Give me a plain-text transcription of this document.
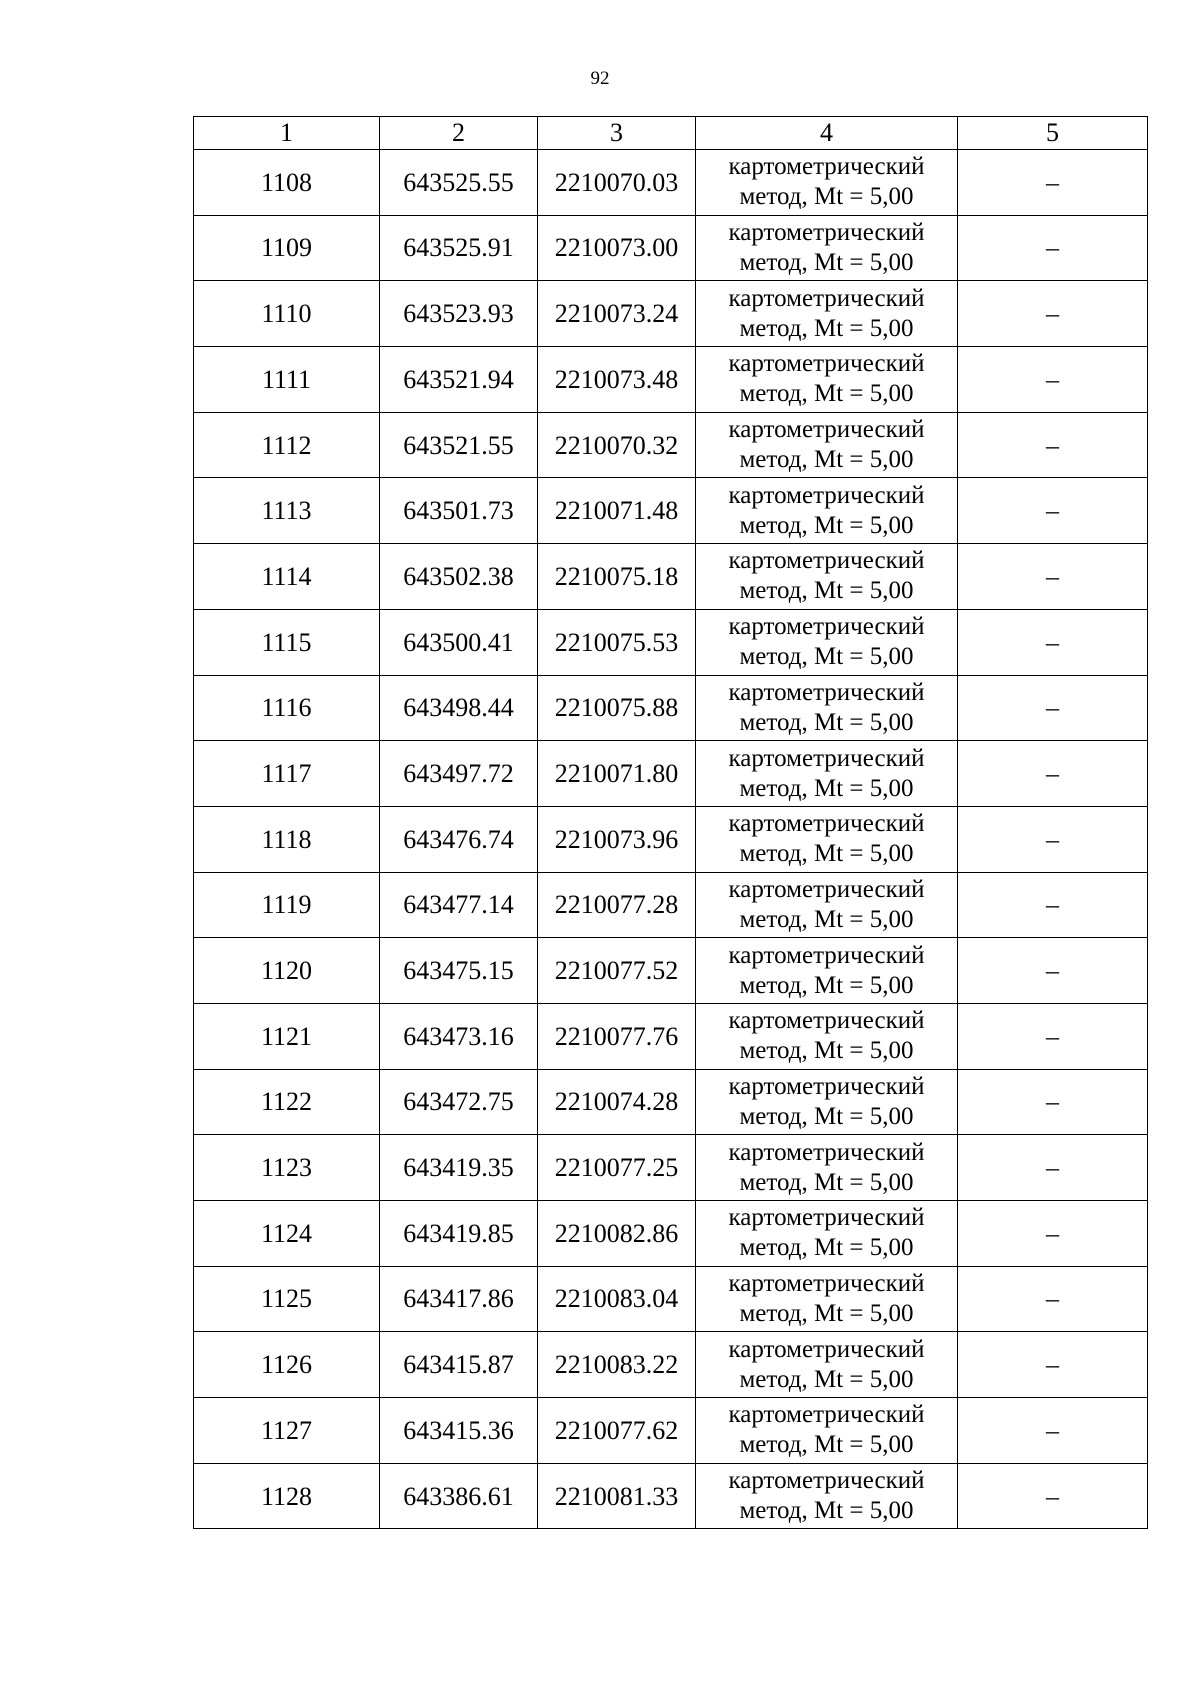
92
1	2	3	4	5
1108	643525.55	2210070.03	картометрический
метод, Mt = 5,00	–
1109	643525.91	2210073.00	картометрический
метод, Mt = 5,00	–
1110	643523.93	2210073.24	картометрический
метод, Mt = 5,00	–
1111	643521.94	2210073.48	картометрический
метод, Mt = 5,00	–
1112	643521.55	2210070.32	картометрический
метод, Mt = 5,00	–
1113	643501.73	2210071.48	картометрический
метод, Mt = 5,00	–
1114	643502.38	2210075.18	картометрический
метод, Mt = 5,00	–
1115	643500.41	2210075.53	картометрический
метод, Mt = 5,00	–
1116	643498.44	2210075.88	картометрический
метод, Mt = 5,00	–
1117	643497.72	2210071.80	картометрический
метод, Mt = 5,00	–
1118	643476.74	2210073.96	картометрический
метод, Mt = 5,00	–
1119	643477.14	2210077.28	картометрический
метод, Mt = 5,00	–
1120	643475.15	2210077.52	картометрический
метод, Mt = 5,00	–
1121	643473.16	2210077.76	картометрический
метод, Mt = 5,00	–
1122	643472.75	2210074.28	картометрический
метод, Mt = 5,00	–
1123	643419.35	2210077.25	картометрический
метод, Mt = 5,00	–
1124	643419.85	2210082.86	картометрический
метод, Mt = 5,00	–
1125	643417.86	2210083.04	картометрический
метод, Mt = 5,00	–
1126	643415.87	2210083.22	картометрический
метод, Mt = 5,00	–
1127	643415.36	2210077.62	картометрический
метод, Mt = 5,00	–
1128	643386.61	2210081.33	картометрический
метод, Mt = 5,00	–
